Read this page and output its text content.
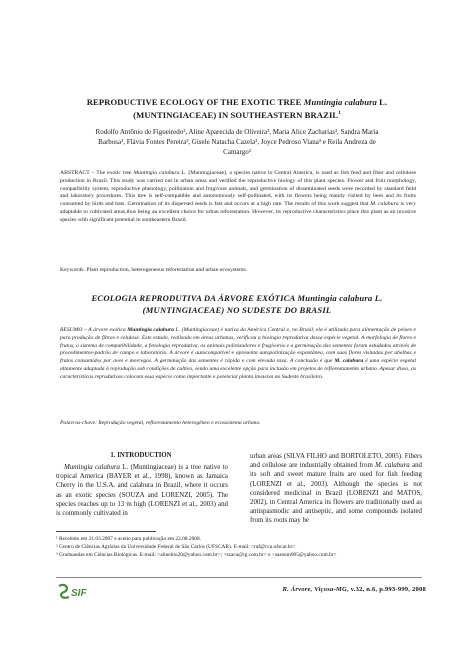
REPRODUCTIVE ECOLOGY OF THE EXOTIC TREE Muntingia calabura L.
(MUNTINGIACEAE) IN SOUTHEASTERN BRAZIL$^1$
Rodolfo Antônio de Figueiredo², Aline Aparecida de Oliveira³, Maria Alice Zacharias³, Sandra Maria
Barbosa³, Flávia Fontes Pereira³, Gisele Natacha Cazela³, Joyce Pedroso Viana³ e Reila Andreza de
Camargo³

ABSTRACT – The exotic tree Muntingia calabura L. (Muntingiaceae), a species native to Central America, is used as fish feed and fiber and cellulose production in Brazil. This study was carried out in urban areas and verified the reproductive biology of this plant species. Flower and fruit morphology, compatibility system, reproductive phenology, pollination and frugivore animals, and germination of disseminated seeds were recorded by standard field and laboratory procedures. This tree is self-compatible and autonomously self-pollinated, with its flowers being mainly visited by bees and its fruits consumed by birds and bats. Germination of its dispersed seeds is fast and occurs at a high rate. The results of this work suggest that M. calabura is very adaptable to cultivated areas,thus being an excellent choice for urban reforestation. However, its reproductive characteristics place this plant as an invasive species with significant potential in southeastern Brazil.

Keywords: Plant reproduction, heterogeneous reforestation and urban ecosystems.
ECOLOGIA REPRODUTIVA DA ÁRVORE EXÓTICA Muntingia calabura L.
(MUNTINGIACEAE) NO SUDESTE DO BRASIL

RESUMO – A árvore exótica Muntingia calabura L. (Muntingiaceae) é nativa da América Central e, no Brasil, ela é utilizada para alimentação de peixes e para produção de fibras e celulose. Este estudo, realizado em áreas urbanas, verificou a biologia reprodutiva dessa espécie vegetal. A morfologia de flores e frutos, o sistema de compatibilidade, a fenologia reprodutiva, os animais polinizadores e frugívoros e a germinação das sementes foram estudados através de procedimentos-padrão de campo e laboratório. A árvore é autocompatível e apresenta autopolinização espontânea, com suas flores visitadas por abelhas e frutos consumidos por aves e morcegos. A germinação das sementes é rápida e com elevada taxa. A conclusão é que M. calabura é uma espécie vegetal altamente adaptada à reprodução sob condições de cultivo, sendo uma excelente opção para inclusão em projetos de reflorestamento urbano. Apesar disso, as características reprodutivas colocam essa espécie como importante e potencial planta invasiva no Sudeste brasileiro.

Palavras-chave: Reprodução vegetal, reflorestamento heterogêneo e ecossistema urbano.
1. INTRODUCTION
Muntingia calabura L. (Muntingiaceae) is a tree native to tropical America (BAYER et al., 1998), known as Jamaica Cherry in the U.S.A. and calabura in Brazil, where it occurs as an exotic species (SOUZA and LORENZI, 2005). The species reaches up to 13 m high (LORENZI et al., 2003) and is commonly cultivated in
urban areas (SILVA FILHO and BORTOLETO, 2005). Fibers and cellulose are industrially obtained from M. calabura and its soft and sweet mature fruits are used for fish feeding (LORENZI et al., 2003). Although the species is not considered medicinal in Brazil (LORENZI and MATOS, 2002), in Central America its flowers are traditionally used as antispasmodic and antiseptic, and some compounds isolated from its roots may be
¹ Recebido em 21.03.2007 e aceito para publicação em 22.08.2008.
² Centro de Ciências Agrárias da Universidade Federal de São Carlos (UFSCAR). E-mail: <raf@cca.ufscar.br>.
³ Graduandas em Ciências Biológicas. E-mail: <alinebio20@yahoo.com.br>; <szaca@ig.com.br> e <saesum005@yahoo.com.br>
SIF	R. Árvore, Viçosa-MG, v.32, n.6, p.993-999, 2008
